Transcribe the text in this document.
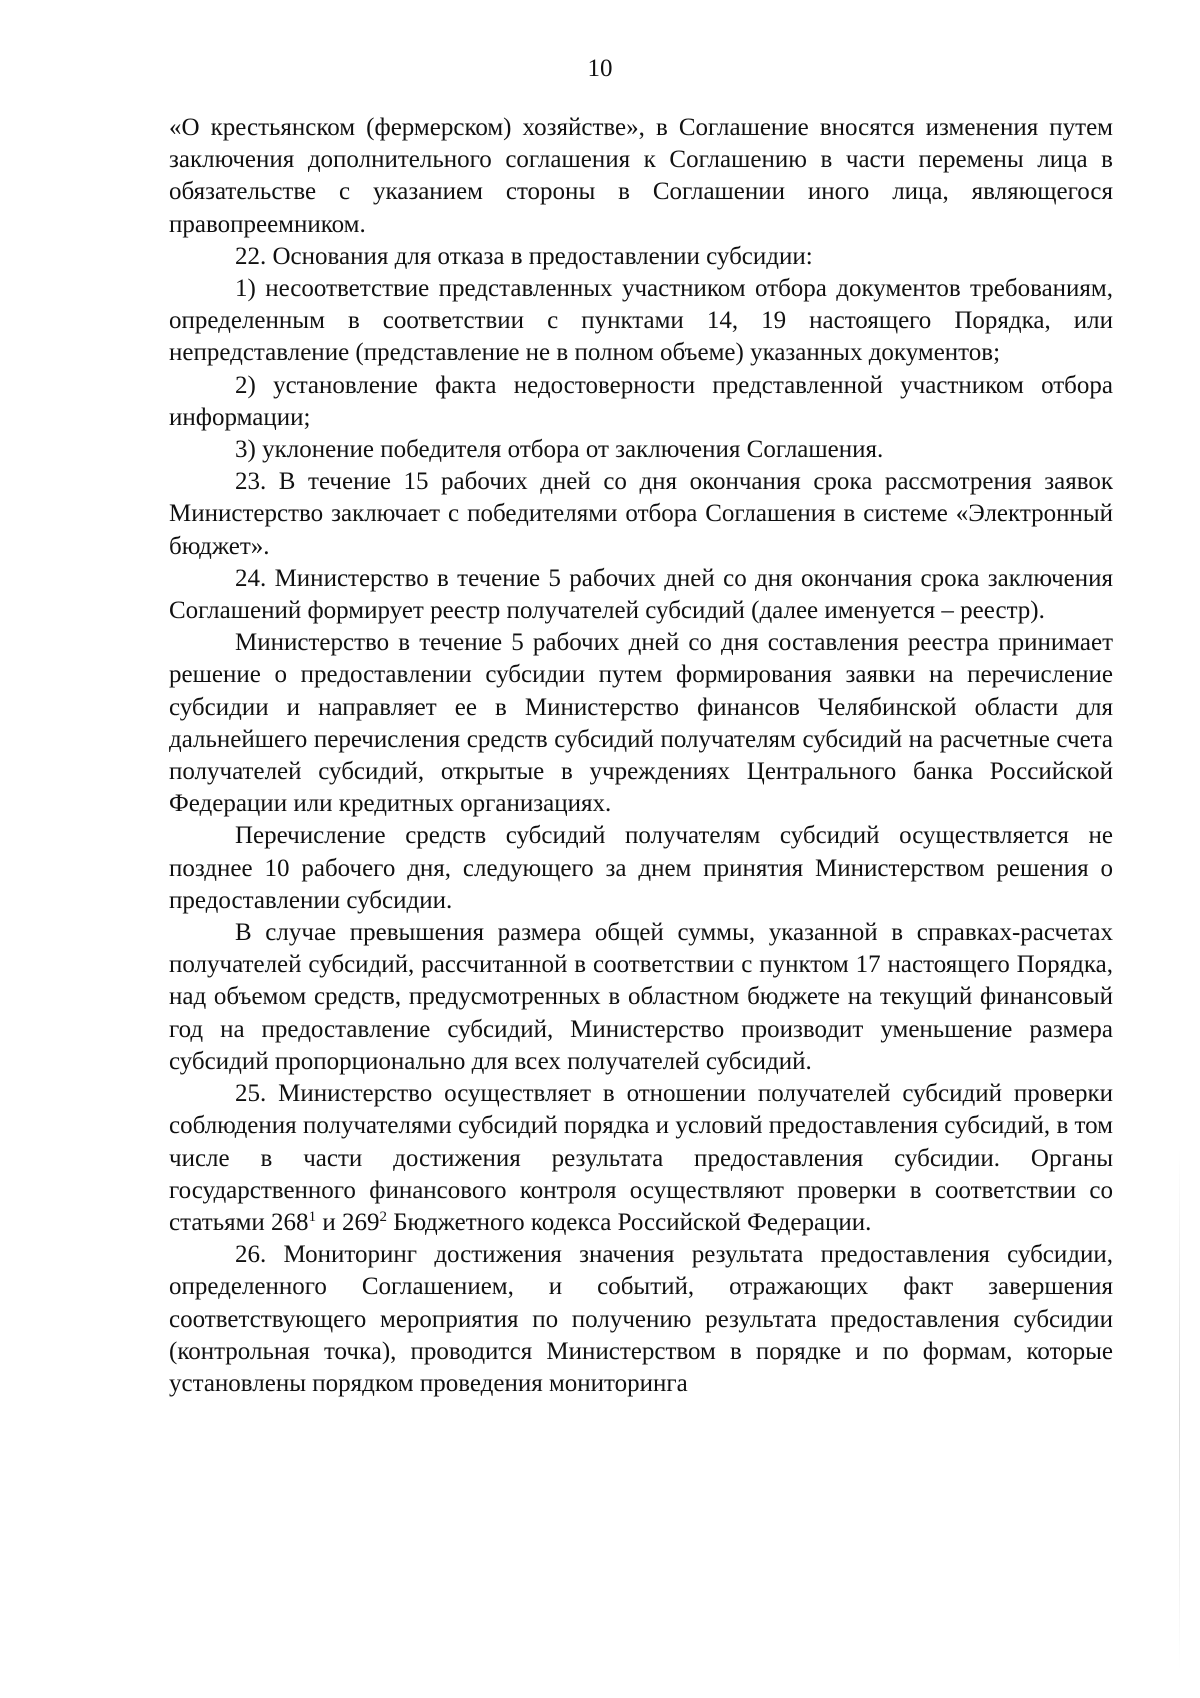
10

«О крестьянском (фермерском) хозяйстве», в Соглашение вносятся изменения путем заключения дополнительного соглашения к Соглашению в части перемены лица в обязательстве с указанием стороны в Соглашении иного лица, являющегося правопреемником.

22. Основания для отказа в предоставлении субсидии:

1) несоответствие представленных участником отбора документов требованиям, определенным в соответствии с пунктами 14, 19 настоящего Порядка, или непредставление (представление не в полном объеме) указанных документов;

2) установление факта недостоверности представленной участником отбора информации;

3) уклонение победителя отбора от заключения Соглашения.

23. В течение 15 рабочих дней со дня окончания срока рассмотрения заявок Министерство заключает с победителями отбора Соглашения в системе «Электронный бюджет».

24. Министерство в течение 5 рабочих дней со дня окончания срока заключения Соглашений формирует реестр получателей субсидий (далее именуется – реестр).

Министерство в течение 5 рабочих дней со дня составления реестра принимает решение о предоставлении субсидии путем формирования заявки на перечисление субсидии и направляет ее в Министерство финансов Челябинской области для дальнейшего перечисления средств субсидий получателям субсидий на расчетные счета получателей субсидий, открытые в учреждениях Центрального банка Российской Федерации или кредитных организациях.

Перечисление средств субсидий получателям субсидий осуществляется не позднее 10 рабочего дня, следующего за днем принятия Министерством решения о предоставлении субсидии.

В случае превышения размера общей суммы, указанной в справках-расчетах получателей субсидий, рассчитанной в соответствии с пунктом 17 настоящего Порядка, над объемом средств, предусмотренных в областном бюджете на текущий финансовый год на предоставление субсидий, Министерство производит уменьшение размера субсидий пропорционально для всех получателей субсидий.

25. Министерство осуществляет в отношении получателей субсидий проверки соблюдения получателями субсидий порядка и условий предоставления субсидий, в том числе в части достижения результата предоставления субсидии. Органы государственного финансового контроля осуществляют проверки в соответствии со статьями $268^1$ и $269^2$ Бюджетного кодекса Российской Федерации.

26. Мониторинг достижения значения результата предоставления субсидии, определенного Соглашением, и событий, отражающих факт завершения соответствующего мероприятия по получению результата предоставления субсидии (контрольная точка), проводится Министерством в порядке и по формам, которые установлены порядком проведения мониторинга
